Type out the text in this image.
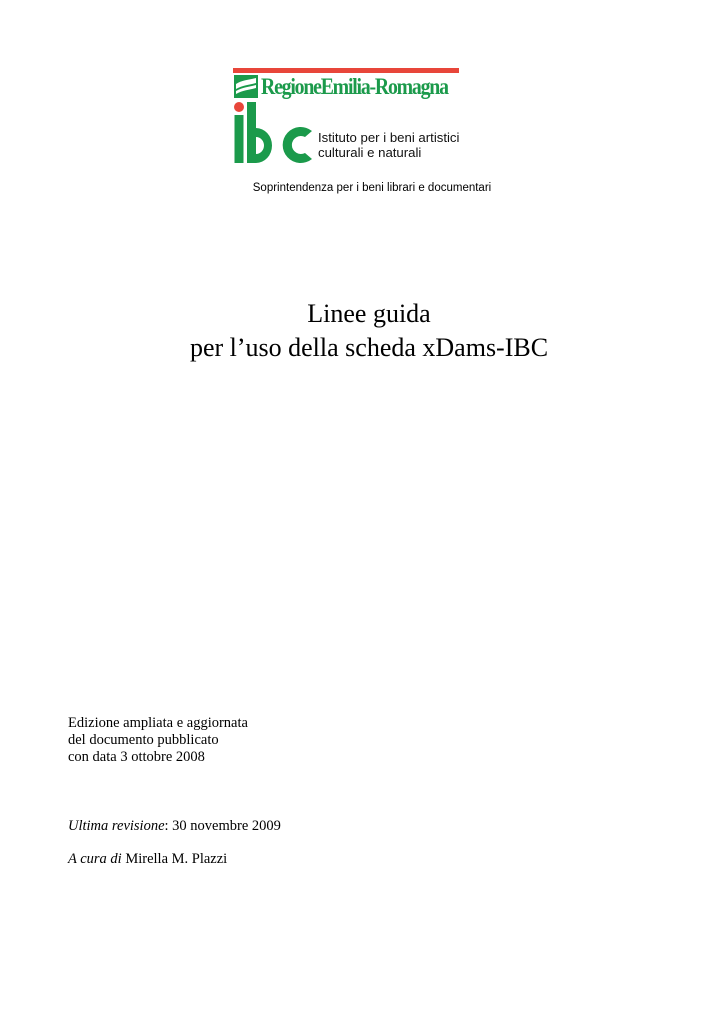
RegioneEmilia-Romagna
Istituto per i beni artistici
culturali e naturali
Soprintendenza per i beni librari e documentari
Linee guida
per l’uso della scheda xDams-IBC
Edizione ampliata e aggiornata
del documento pubblicato
con data 3 ottobre 2008
Ultima revisione: 30 novembre 2009
A cura di Mirella M. Plazzi
